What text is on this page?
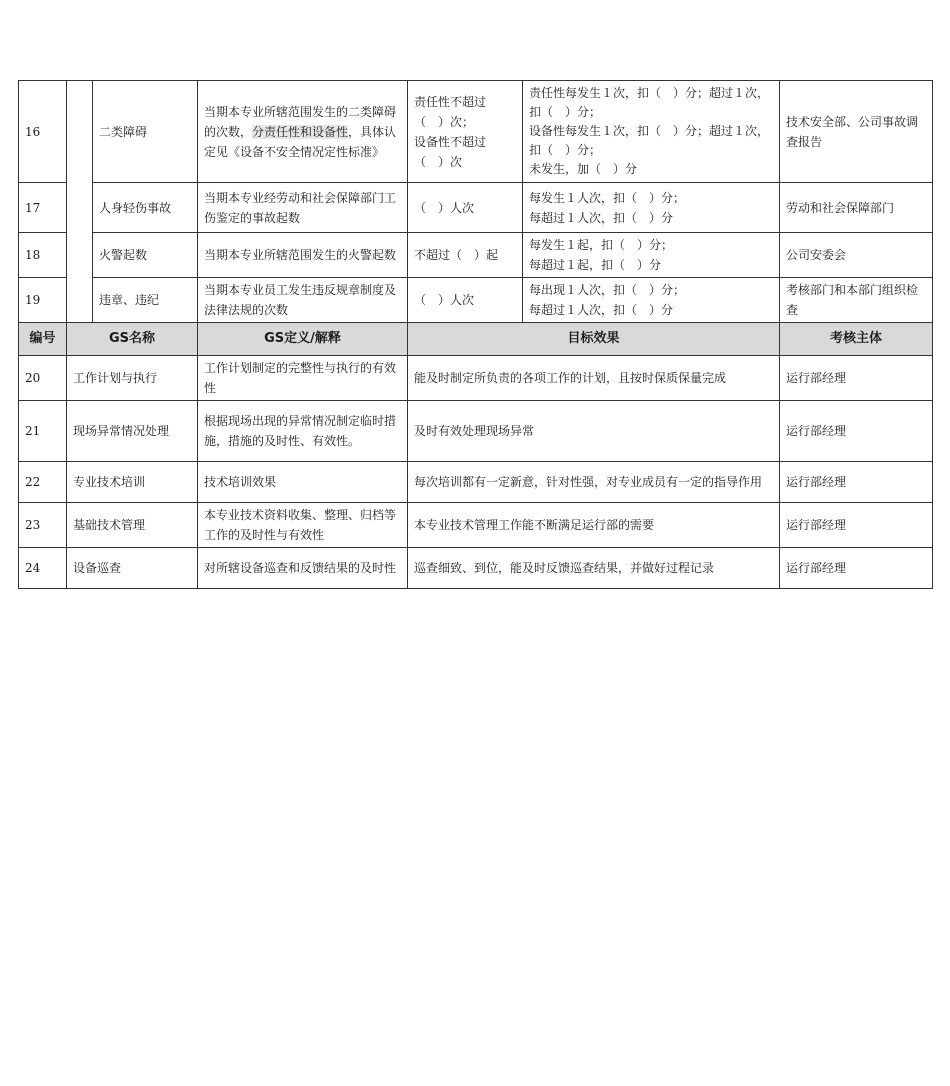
16		二类障碍	当期本专业所辖范围发生的二类障碍的次数，分责任性和设备性，具体认定见《设备不安全情况定性标准》	责任性不超过（　）次；
设备性不超过（　）次	责任性每发生１次，扣（　）分；超过１次，扣（　）分；
设备性每发生１次，扣（　）分；超过１次，扣（　）分；
未发生，加（　）分	技术安全部、公司事故调查报告
17		人身轻伤事故	当期本专业经劳动和社会保障部门工伤鉴定的事故起数	（　）人次	每发生１人次，扣（　）分；
每超过１人次，扣（　）分	劳动和社会保障部门
18		火警起数	当期本专业所辖范围发生的火警起数	不超过（　）起	每发生１起，扣（　）分；
每超过１起，扣（　）分	公司安委会
19		违章、违纪	当期本专业员工发生违反规章制度及法律法规的次数	（　）人次	每出现１人次，扣（　）分；
每超过１人次，扣（　）分	考核部门和本部门组织检查
编号	GS名称		GS定义/解释	目标效果		考核主体
20	工作计划与执行		工作计划制定的完整性与执行的有效性	能及时制定所负责的各项工作的计划，且按时保质保量完成		运行部经理
21	现场异常情况处理		根据现场出现的异常情况制定临时措施，措施的及时性、有效性。	及时有效处理现场异常		运行部经理
22	专业技术培训		技术培训效果	每次培训都有一定新意，针对性强，对专业成员有一定的指导作用		运行部经理
23	基础技术管理		本专业技术资料收集、整理、归档等工作的及时性与有效性	本专业技术管理工作能不断满足运行部的需要		运行部经理
24	设备巡查		对所辖设备巡查和反馈结果的及时性	巡查细致、到位，能及时反馈巡查结果，并做好过程记录		运行部经理
